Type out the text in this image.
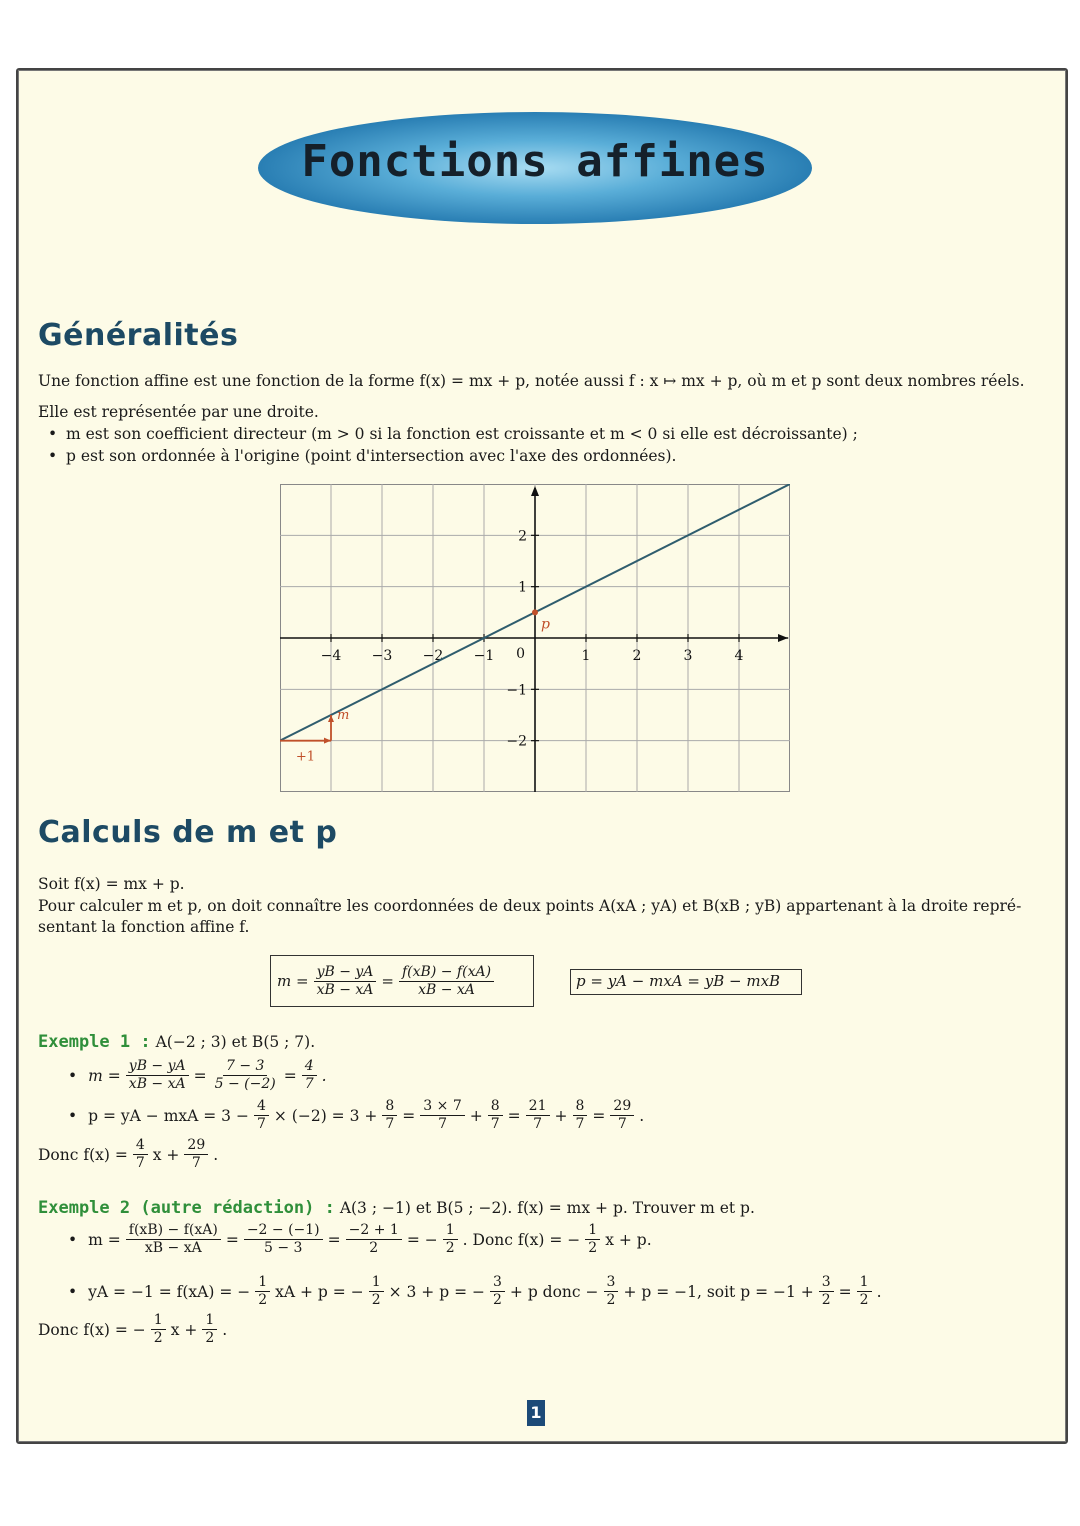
Fonctions affines
Généralités
Une fonction affine est une fonction de la forme f(x) = mx + p, notée aussi f : x ↦ mx + p, où m et p sont deux nombres réels.
Elle est représentée par une droite.
• m est son coefficient directeur (m > 0 si la fonction est croissante et m < 0 si elle est décroissante) ;
• p est son ordonnée à l'origine (point d'intersection avec l'axe des ordonnées).
−4 −3 −2 −1	1	2	3	4
2
1
−1
−2
0
p
m
+1
Calculs de m et p
Soit f(x) = mx + p.
Pour calculer m et p, on doit connaître les coordonnées de deux points A(xA ; yA) et B(xB ; yB) appartenant à la droite repré-
sentant la fonction affine f.
$m = \frac{yB - yA}{xB - xA} = \frac{f(xB) - f(xA)}{xB - xA}$	p = yA − mxA = yB − mxB
Exemple 1 : A(−2 ; 3) et B(5 ; 7).
• $m = \frac{yB - yA}{xB - xA} = \frac{7 - 3}{5 - (-2)} = \frac{4}{7}$ .
• p = yA − mxA = $3 - \frac{4}{7} \times (-2) = 3 + \frac{8}{7} = \frac{3 \times 7}{7} + \frac{8}{7} = \frac{21}{7} + \frac{8}{7} = \frac{29}{7}$ .
Donc $f(x) = \frac{4}{7}$ $x + \frac{29}{7}$ .
Exemple 2 (autre rédaction) : A(3 ; −1) et B(5 ; −2). f(x) = mx + p. Trouver m et p.
• $m = \frac{f(xB) - f(xA)}{xB - xA} = \frac{-2 - (-1)}{5 - 3} = \frac{-2 + 1}{2}$ = − $\frac{1}{2}$ . Donc f(x) = − $\frac{1}{2}$ x + p.
• yA = −1 = f(xA) = − $\frac{1}{2}$ xA + p = − $\frac{1}{2} \times 3 + p$ = − $\frac{3}{2} + p$ donc − $\frac{3}{2} + p = -1$, soit $p = -1 + \frac{3}{2} = \frac{1}{2}$ .
Donc f(x) = − $\frac{1}{2}$ $x + \frac{1}{2}$ .
1
